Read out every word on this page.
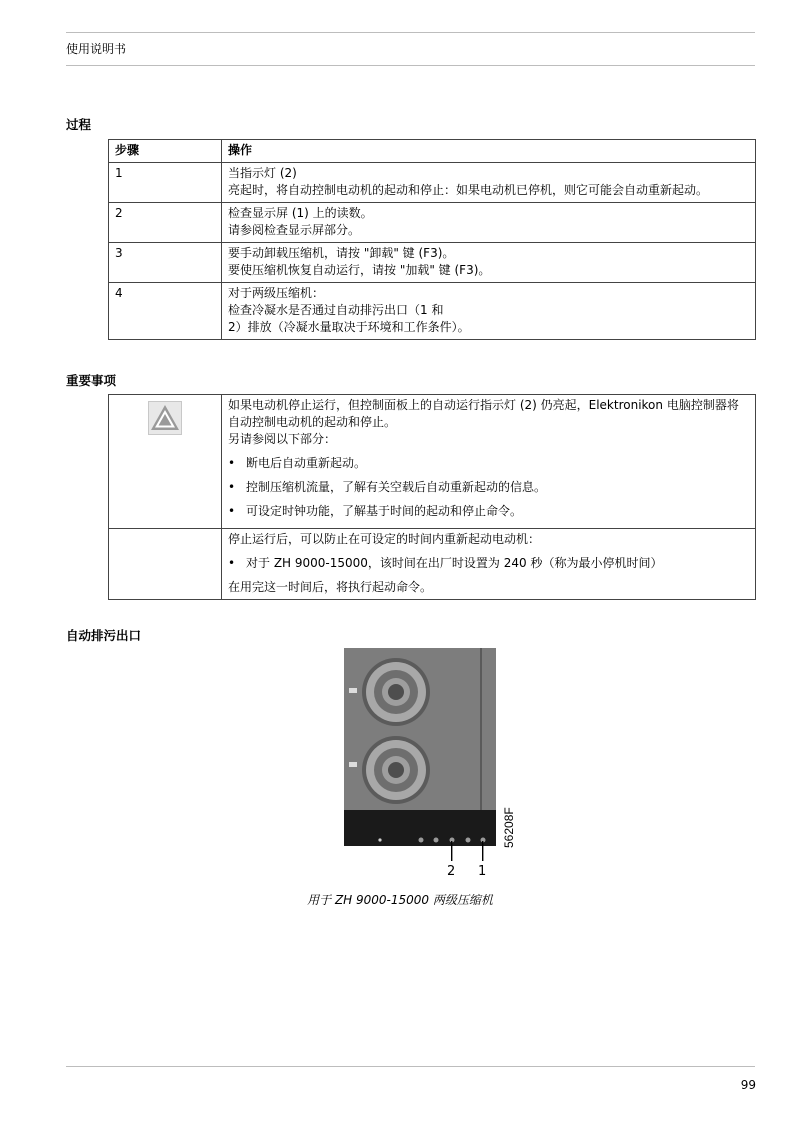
使用说明书
过程
步骤	操作
1	当指示灯 (2)
亮起时，将自动控制电动机的起动和停止：如果电动机已停机，则它可能会自动重新起动。

2	检查显示屏 (1) 上的读数。
请参阅检查显示屏部分。

3	要手动卸载压缩机，请按 "卸载" 键 (F3)。
要使压缩机恢复自动运行，请按 "加载" 键 (F3)。

4	对于两级压缩机：
检查冷凝水是否通过自动排污出口（1 和
2）排放（冷凝水量取决于环境和工作条件）。
重要事项

如果电动机停止运行，但控制面板上的自动运行指示灯 (2) 仍亮起，Elektronikon 电脑控制器将自动控制电动机的起动和停止。
另请参阅以下部分：
• 断电后自动重新起动。
• 控制压缩机流量，了解有关空载后自动重新起动的信息。
• 可设定时钟功能，了解基于时间的起动和停止命令。

	停止运行后，可以防止在可设定的时间内重新起动电动机：
• 对于 ZH 9000-15000，该时间在出厂时设置为 240 秒（称为最小停机时间）
在用完这一时间后，将执行起动命令。
自动排污出口
2 1
56208F
用于 ZH 9000-15000 两级压缩机
99
